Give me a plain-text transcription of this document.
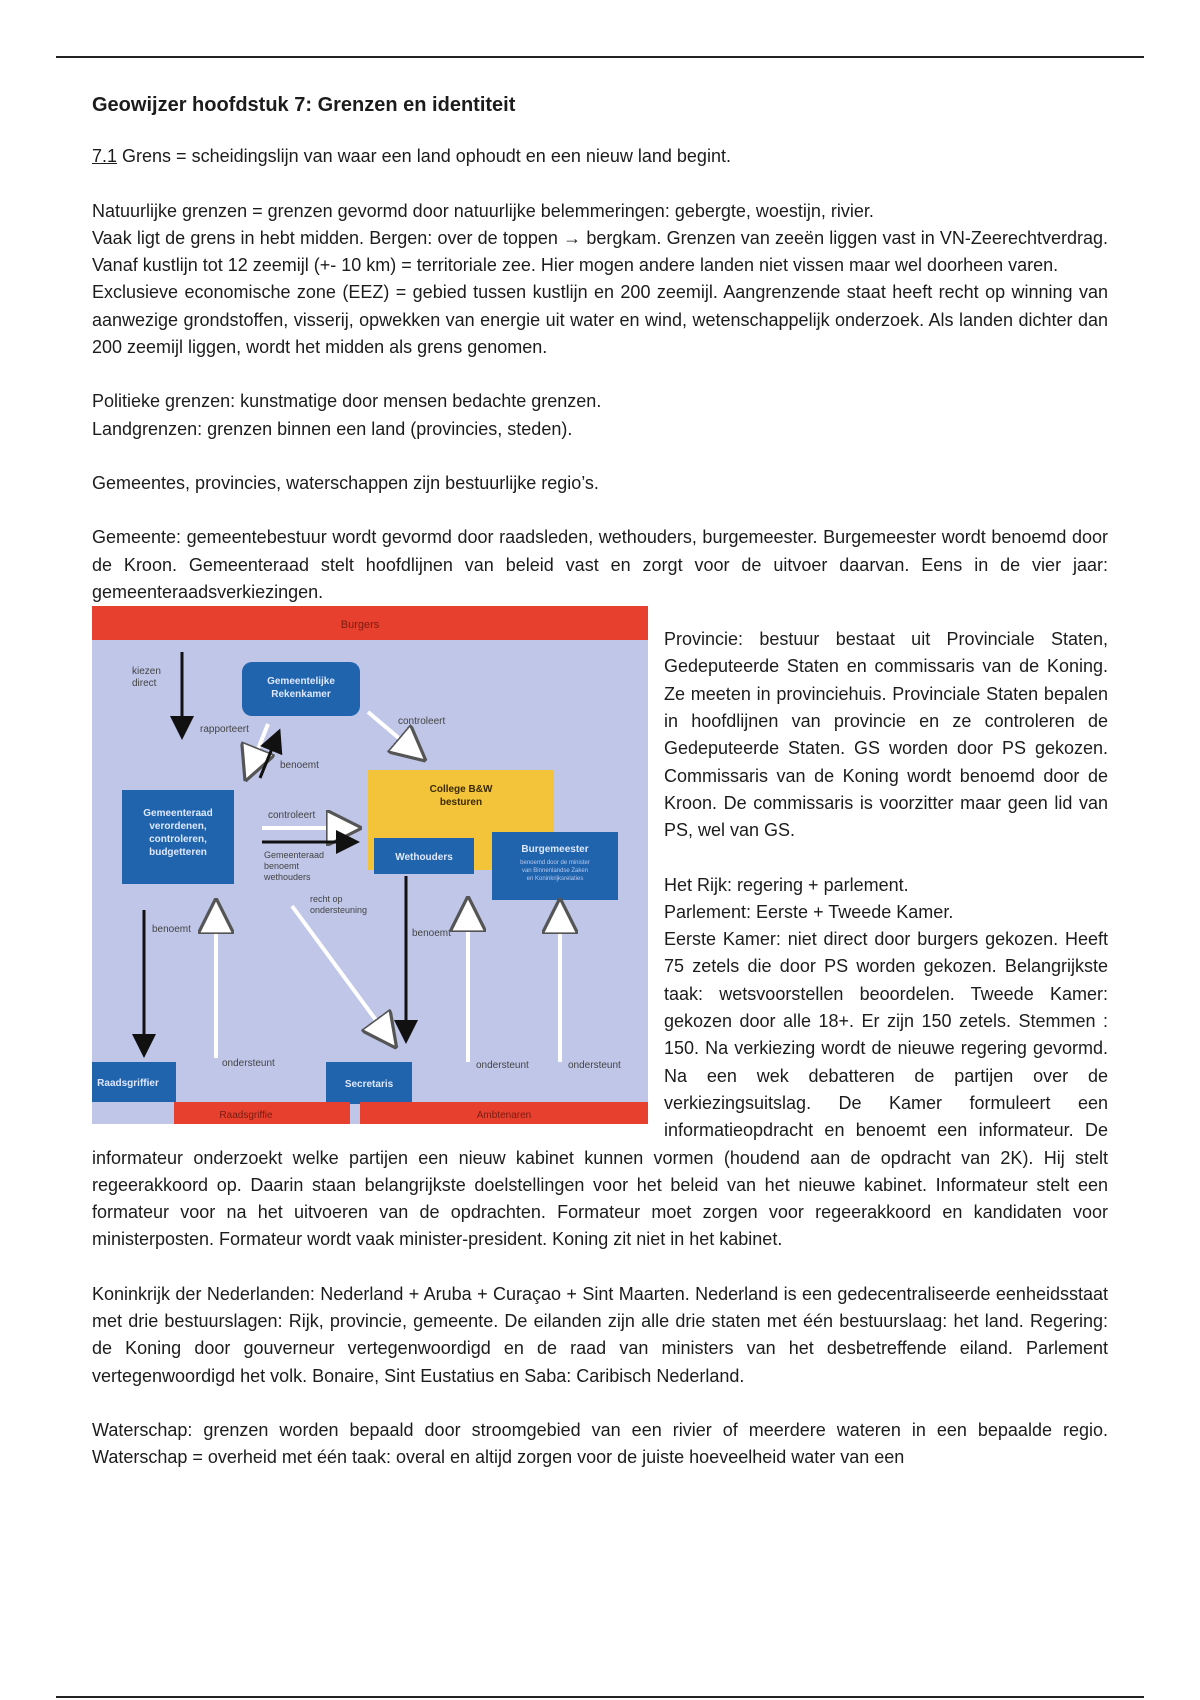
Geowijzer hoofdstuk 7: Grenzen en identiteit

7.1 Grens = scheidingslijn van waar een land ophoudt en een nieuw land begint.

Natuurlijke grenzen = grenzen gevormd door natuurlijke belemmeringen: gebergte, woestijn, rivier.

Vaak ligt de grens in hebt midden. Bergen: over de toppen → bergkam. Grenzen van zeeën liggen vast in VN-Zeerechtverdrag. Vanaf kustlijn tot 12 zeemijl (+- 10 km) = territoriale zee. Hier mogen andere landen niet vissen maar wel doorheen varen.

Exclusieve economische zone (EEZ) = gebied tussen kustlijn en 200 zeemijl. Aangrenzende staat heeft recht op winning van aanwezige grondstoffen, visserij, opwekken van energie uit water en wind, wetenschappelijk onderzoek. Als landen dichter dan 200 zeemijl liggen, wordt het midden als grens genomen.

Politieke grenzen: kunstmatige door mensen bedachte grenzen.

Landgrenzen: grenzen binnen een land (provincies, steden).

Gemeentes, provincies, waterschappen zijn bestuurlijke regio’s.

Gemeente: gemeentebestuur wordt gevormd door raadsleden, wethouders, burgemeester. Burgemeester wordt benoemd door de Kroon. Gemeenteraad stelt hoofdlijnen van beleid vast en zorgt voor de uitvoer daarvan. Eens in de vier jaar: gemeenteraadsverkiezingen.

Burgers
kiezen direct	Gemeentelijke Rekenkamer
rapporteert
benoemt
controleert
College B&W besturen
Wethouders
Burgemeester
benoemd door de minister van Binnenlandse Zaken en Koninkrijksrelaties
Gemeenteraad verordenen, controleren, budgetteren
controleert
Gemeenteraad benoemt wethouders
recht op ondersteuning
benoemt
benoemt
ondersteunt	ondersteunt	ondersteunt
Raadsgriffier	Secretaris
Raadsgriffie	Ambtenaren

Provincie: bestuur bestaat uit Provinciale Staten, Gedeputeerde Staten en commissaris van de Koning. Ze meeten in provinciehuis. Provinciale Staten bepalen in hoofdlijnen van provincie en ze controleren de Gedeputeerde Staten. GS worden door PS gekozen. Commissaris van de Koning wordt benoemd door de Kroon. De commissaris is voorzitter maar geen lid van PS, wel van GS.

Het Rijk: regering + parlement.

Parlement: Eerste + Tweede Kamer.

Eerste Kamer: niet direct door burgers gekozen. Heeft 75 zetels die door PS worden gekozen. Belangrijkste taak: wetsvoorstellen beoordelen. Tweede Kamer: gekozen door alle 18+. Er zijn 150 zetels. Stemmen : 150. Na verkiezing wordt de nieuwe regering gevormd. Na een wek debatteren de partijen over de verkiezingsuitslag. De Kamer formuleert een informatieopdracht en benoemt een informateur. De informateur onderzoekt welke partijen een nieuw kabinet kunnen vormen (houdend aan de opdracht van 2K). Hij stelt regeerakkoord op. Daarin staan belangrijkste doelstellingen voor het beleid van het nieuwe kabinet. Informateur stelt een formateur voor na het uitvoeren van de opdrachten. Formateur moet zorgen voor regeerakkoord en kandidaten voor ministerposten. Formateur wordt vaak minister-president. Koning zit niet in het kabinet.

Koninkrijk der Nederlanden: Nederland + Aruba + Curaçao + Sint Maarten. Nederland is een gedecentraliseerde eenheidsstaat met drie bestuurslagen: Rijk, provincie, gemeente. De eilanden zijn alle drie staten met één bestuurslaag: het land. Regering: de Koning door gouverneur vertegenwoordigd en de raad van ministers van het desbetreffende eiland. Parlement vertegenwoordigd het volk. Bonaire, Sint Eustatius en Saba: Caribisch Nederland.

Waterschap: grenzen worden bepaald door stroomgebied van een rivier of meerdere wateren in een bepaalde regio. Waterschap = overheid met één taak: overal en altijd zorgen voor de juiste hoeveelheid water van een
